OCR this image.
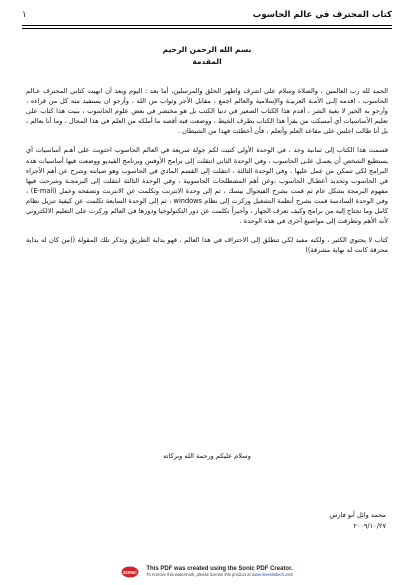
كتاب المحترف في عالم الحاسوب
١
بسم الله الرحمن الرحيم
المقدمة

الحمد لله رب العالمين ، والصلاة وسلام على اشرف واطهر الخلق والمرسلين، أما بعد : اليوم وبعد أن انهيت كتابي المحترف عـالم الحاسوب ، اقدمه إلـى الأمـة العربيـة والإسلامية والعالم اجمع ، مقابل الأجر وثواب من الله ، وأرجو ان يستفيد منه كل من قراءه ، وأرجو به الخير لا بغية الشر ، أقدم هذا الكتاب الصغير في دنيا الكتب بل هو مختصر في بعض علوم الحاسوب ، بنيت هذا كتاب على تعليم الأساسيات أي أمسكت من بقرأ هذا الكتاب بطرف الخيط ، ووضعت فيه أقصه ما أملكه من العلم في هذا المجال ، وما أنا بعالم ، بل أنا طالب اجلس على مقاعد العلم وأتعلم ، فأن أخطئت فهذا من الشيطان .

قسمت هذا الكتاب إلى ثمانية وحد ، في الوحدة الأولى كتبت لكم جولة سريعة في العالم الحاسوب احتويت على أهـم أساسيات أي يستطيع الشخص أن يعمـل علـى الحاسوب ، وفي الوحدة الثاني انتقلت إلى برامج الأوفس وبرنامج الفيديو ووضعت فيها أساسيات هذه البرامج لكي تتمكن من عمل عليها ، وفي الوحدة الثالثة ، انتقلت إلى القسم المادي في الحاسوب وهو صيانته وشرح عن أهم الأجزاء في الحاسوب وتحديد أعطـال الحاسوب ،وعن أهم المصطلحات الحاسوبية ، وفي الوحدة الثالثة انتقلت إلى البرمجـة وشرحت فيها مفهوم البرمجة بشكل عام ثم قمت بشرح الفيجوال بيسك ، ثم إلى وحدة الانترنت وتكلمت عن الانترنت وتصفحه وعمل (E-mail) ، وفي الوحدة السادسة قمت بشرح أنظمة التشغيل وركزت إلى نظام windows ، ثم إلى الوحدة السابعة تكلمت عن كيفية تنزيل نظام كامل وما تحتاج إليه من برامج وكيف تعرف الجهاز ، وأخيراً تكلمت عن دور التكنولوجيا ودورها في العالم وركزت على التعليم الالكتروني لأنه الأهم وتطرقت إلى مواضيع أخرى في هذه الوحدة .

كتاب لا يحتوي الكثير ، ولكنه مفيد لكي تنطلق إلى الاحتراف في هذا العالم ، فهو بداية الطريق وتذكر تلك المقولة ((من كان له بداية محرقة كانت له نهاية مشرقة))

وسلام عليكم ورحمة الله وبركاته
محمد وائل أبو فارس
٢٠٠٩/١٠/٢٧
SONIC
This PDF was created using the Sonic PDF Creator.
To remove this watermark, please license this product at www.investintech.com
